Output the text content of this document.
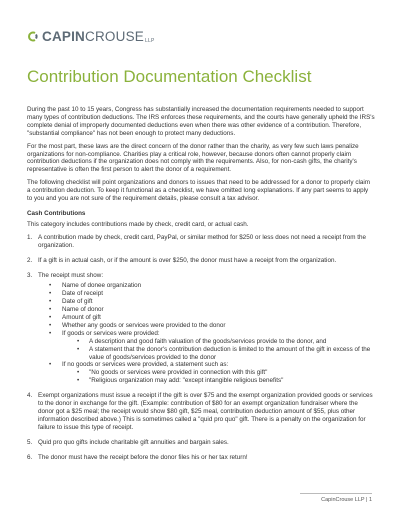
CAPINCROUSELLP
Contribution Documentation Checklist

During the past 10 to 15 years, Congress has substantially increased the documentation requirements needed to support many types of contribution deductions. The IRS enforces these requirements, and the courts have generally upheld the IRS's complete denial of improperly documented deductions even when there was other evidence of a contribution. Therefore, "substantial compliance" has not been enough to protect many deductions.

For the most part, these laws are the direct concern of the donor rather than the charity, as very few such laws penalize organizations for non-compliance. Charities play a critical role, however, because donors often cannot properly claim contribution deductions if the organization does not comply with the requirements. Also, for non-cash gifts, the charity's representative is often the first person to alert the donor of a requirement.

The following checklist will point organizations and donors to issues that need to be addressed for a donor to properly claim a contribution deduction. To keep it functional as a checklist, we have omitted long explanations. If any part seems to apply to you and you are not sure of the requirement details, please consult a tax advisor.

Cash Contributions

This category includes contributions made by check, credit card, or actual cash.

1. A contribution made by check, credit card, PayPal, or similar method for $250 or less does not need a receipt from the organization.
2. If a gift is in actual cash, or if the amount is over $250, the donor must have a receipt from the organization.
3. The receipt must show:
• Name of donee organization
• Date of receipt
• Date of gift
• Name of donor
• Amount of gift
• Whether any goods or services were provided to the donor
• If goods or services were provided:
• A description and good faith valuation of the goods/services provide to the donor, and
• A statement that the donor's contribution deduction is limited to the amount of the gift in excess of the value of goods/services provided to the donor
• If no goods or services were provided, a statement such as:
• "No goods or services were provided in connection with this gift"
• "Religious organization may add: "except intangible religious benefits"
4. Exempt organizations must issue a receipt if the gift is over $75 and the exempt organization provided goods or services to the donor in exchange for the gift. (Example: contribution of $80 for an exempt organization fundraiser where the donor got a $25 meal; the receipt would show $80 gift, $25 meal, contribution deduction amount of $55, plus other information described above.) This is sometimes called a "quid pro quo" gift. There is a penalty on the organization for failure to issue this type of receipt.
5. Quid pro quo gifts include charitable gift annuities and bargain sales.
6. The donor must have the receipt before the donor files his or her tax return!
CapinCrouse LLP | 1
